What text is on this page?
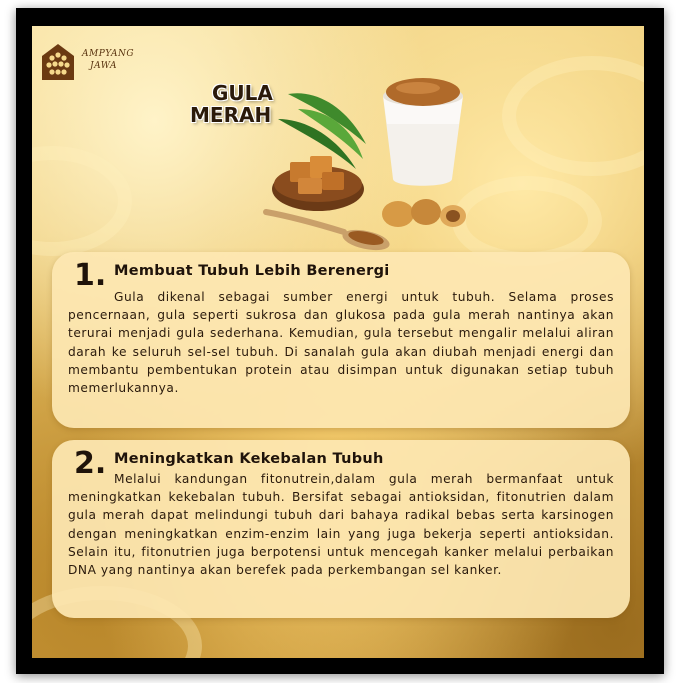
AMPYANG
JAWA
GULA
MERAH
1. Membuat Tubuh Lebih Berenergi
Gula dikenal sebagai sumber energi untuk tubuh. Selama proses pencernaan, gula seperti sukrosa dan glukosa pada gula merah nantinya akan terurai menjadi gula sederhana. Kemudian, gula tersebut mengalir melalui aliran darah ke seluruh sel-sel tubuh. Di sanalah gula akan diubah menjadi energi dan membantu pembentukan protein atau disimpan untuk digunakan setiap tubuh memerlukannya.
2. Meningkatkan Kekebalan Tubuh
Melalui kandungan fitonutrein,dalam gula merah bermanfaat untuk meningkatkan kekebalan tubuh. Bersifat sebagai antioksidan, fitonutrien dalam gula merah dapat melindungi tubuh dari bahaya radikal bebas serta karsinogen dengan meningkatkan enzim-enzim lain yang juga bekerja seperti antioksidan. Selain itu, fitonutrien juga berpotensi untuk mencegah kanker melalui perbaikan DNA yang nantinya akan berefek pada perkembangan sel kanker.
